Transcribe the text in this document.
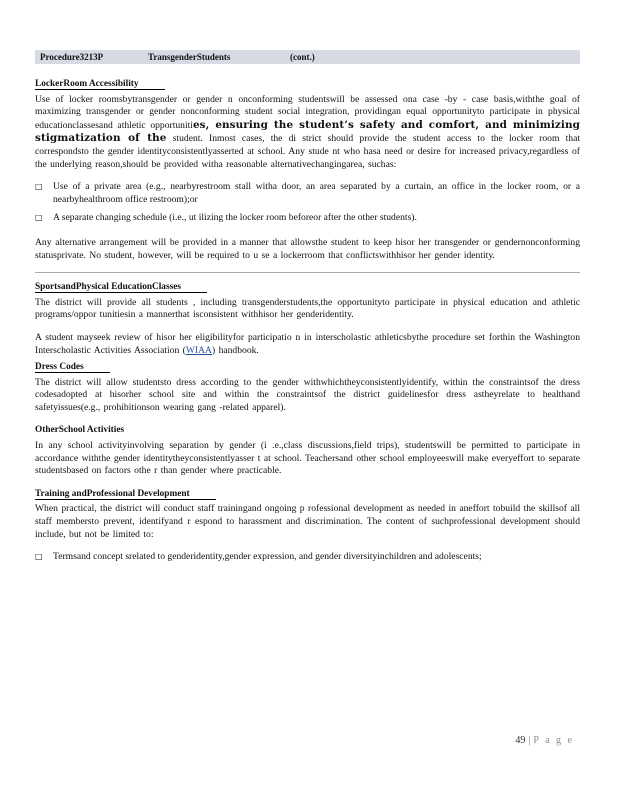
Procedure3213P	TransgenderStudents	(cont.)
LockerRoom Accessibility

Use of locker roomsbytransgender or gender n onconforming studentswill be assessed ona case -by - case basis,withthe goal of maximizing transgender or gender nonconforming student social integration, providingan equal opportunityto participate in physical educationclassesand athletic opportunities, ensuring the student’s safety and comfort, and minimizing stigmatization of the student. Inmost cases, the di strict should provide the student access to the locker room that correspondsto the gender identityconsistentlyasserted at school. Any stude nt who hasa need or desire for increased privacy,regardless of the underlying reason,should be provided witha reasonable alternativechangingarea, suchas:

□	Use of a private area (e.g., nearbyrestroom stall witha door, an area separated by a curtain, an office in the locker room, or a nearbyhealthroom office restroom);or
□	A separate changing schedule (i.e., ut ilizing the locker room beforeor after the other students).

Any alternative arrangement will be provided in a manner that allowsthe student to keep hisor her transgender or gendernonconforming statusprivate. No student, however, will be required to u se a lockerroom that conflictswithhisor her gender identity.

SportsandPhysical EducationClasses

The district will provide all students , including transgenderstudents,the opportunityto participate in physical education and athletic programs/oppor tunitiesin a mannerthat isconsistent withhisor her genderidentity.

A student mayseek review of hisor her eligibilityfor participatio n in interscholastic athleticsbythe procedure set forthin the Washington Interscholastic Activities Association (WIAA) handbook.

Dress Codes

The district will allow studentsto dress according to the gender withwhichtheyconsistentlyidentify, within the constraintsof the dress codesadopted at hisorher school site and within the constraintsof the district guidelinesfor dress astheyrelate to healthand safetyissues(e.g., prohibitionson wearing gang -related apparel).

OtherSchool Activities

In any school activityinvolving separation by gender (i .e.,class discussions,field trips), studentswill be permitted to participate in accordance withthe gender identitytheyconsistentlyasser t at school. Teachersand other school employeeswill make everyeffort to separate studentsbased on factors othe r than gender where practicable.

Training andProfessional Development

When practical, the district will conduct staff trainingand ongoing p rofessional development as needed in aneffort tobuild the skillsof all staff membersto prevent, identifyand r espond to harassment and discrimination. The content of suchprofessional development should include, but not be limited to:

□	Termsand concept srelated to genderidentity,gender expression, and gender diversityinchildren and adolescents;
49 | P a g e
